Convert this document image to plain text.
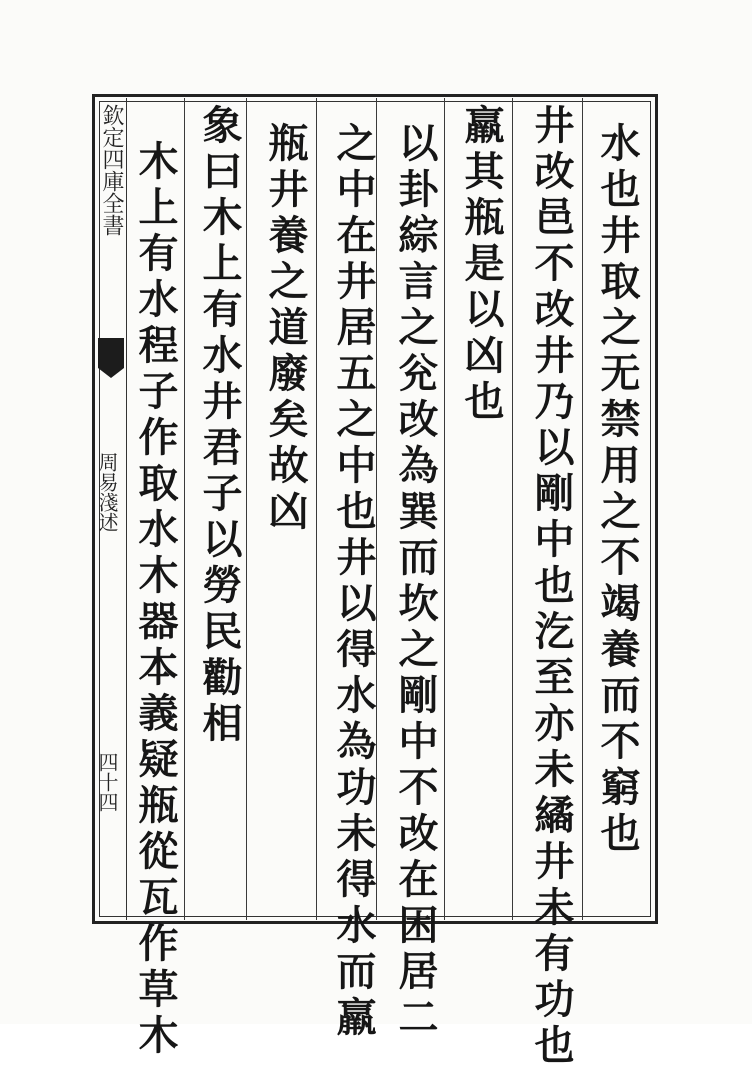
欽定四庫全書
周易淺述
四十四	水也井取之无禁用之不竭養而不窮也
井改邑不改井乃以剛中也汔至亦未繘井未有功也
羸其瓶是以凶也
以卦綜言之兊改為巽而坎之剛中不改在困居二
之中在井居五之中也井以得水為功未得水而羸
瓶井養之道廢矣故凶
象曰木上有水井君子以勞民勸相
木上有水程子作取水木器本義疑瓶從瓦作草木
